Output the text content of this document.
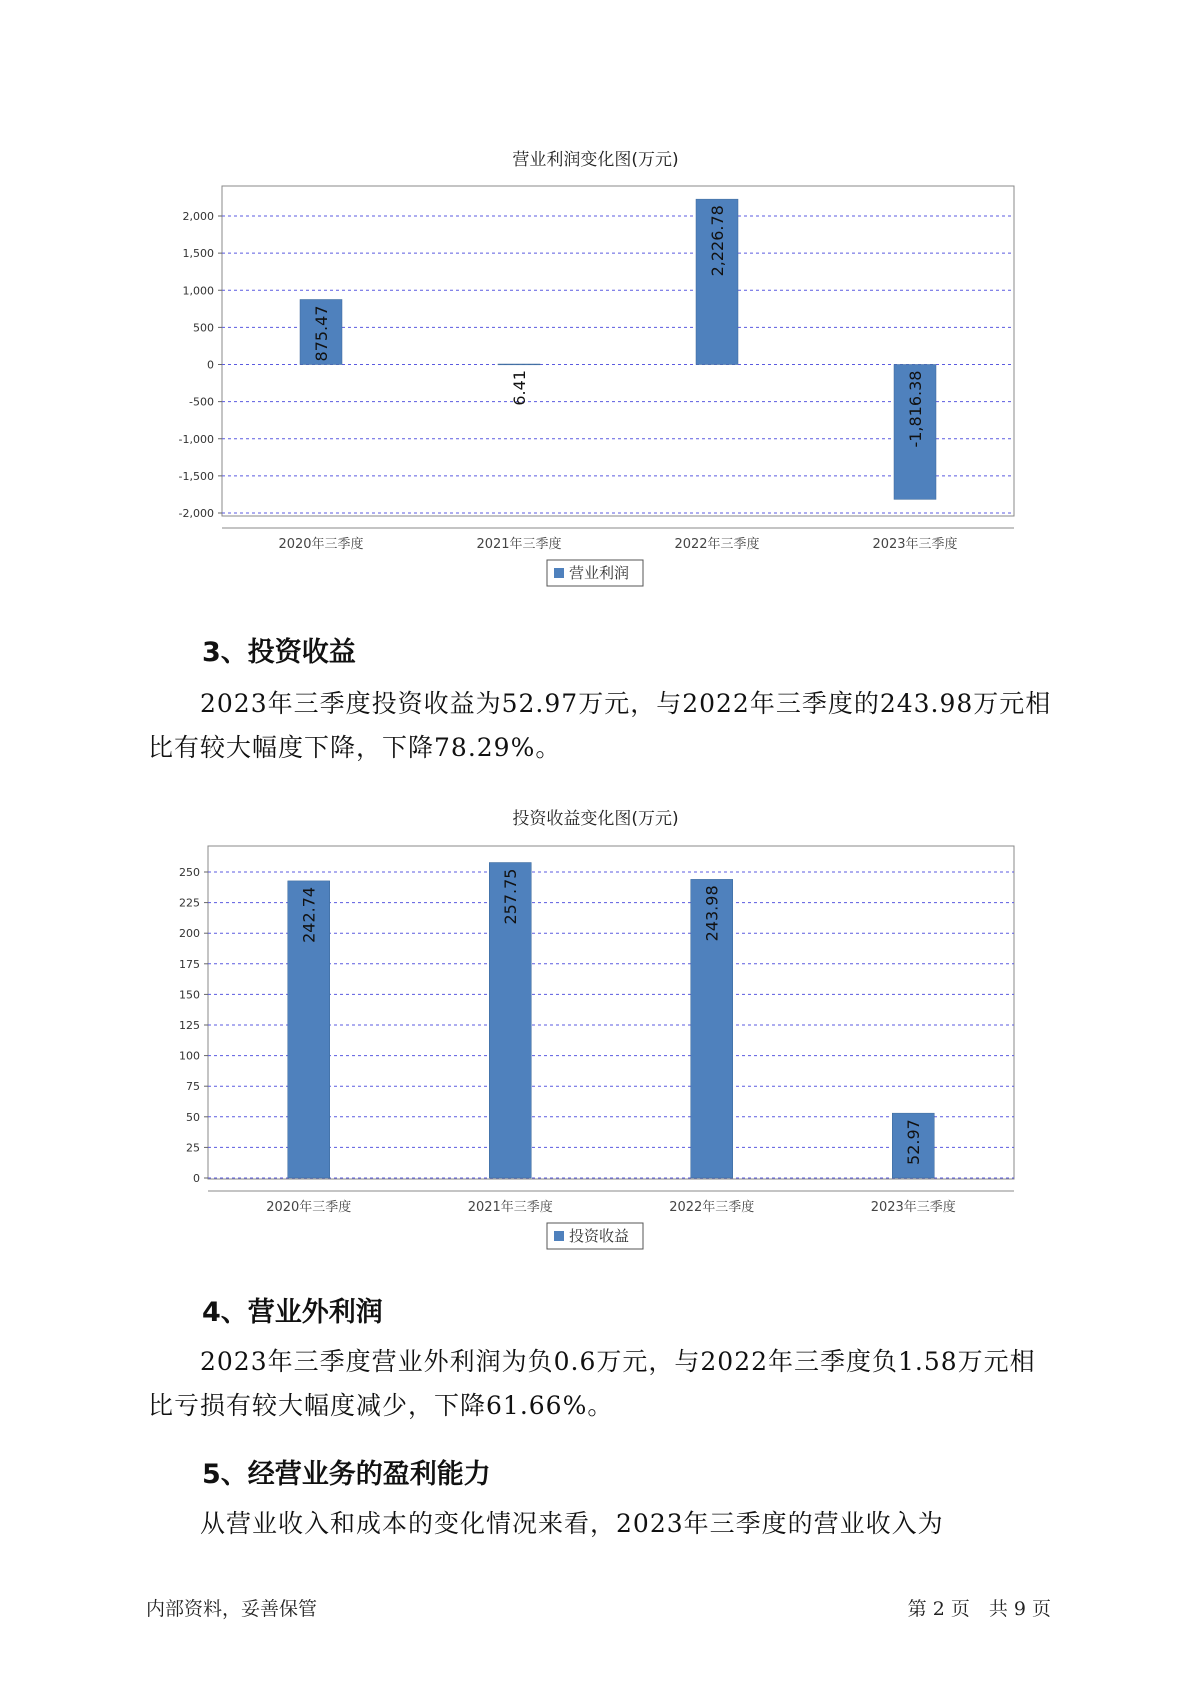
营业利润变化图(万元)
2,000
1,500
1,000
500
0
-500
-1,000
-1,500
-2,000
875.47
2020年三季度
6.41
2021年三季度
2,226.78
2022年三季度
-1,816.38
2023年三季度
营业利润
3、投资收益

2023年三季度投资收益为52.97万元，与2022年三季度的243.98万元相比有较大幅度下降，下降78.29%。

投资收益变化图(万元)
250
225
200
175
150
125
100
75
50
25
0
242.74
2020年三季度
257.75
2021年三季度
243.98
2022年三季度
52.97
2023年三季度
投资收益
4、营业外利润

2023年三季度营业外利润为负0.6万元，与2022年三季度负1.58万元相比亏损有较大幅度减少，下降61.66%。

5、经营业务的盈利能力

从营业收入和成本的变化情况来看，2023年三季度的营业收入为

内部资料，妥善保管	第 2 页　共 9 页
